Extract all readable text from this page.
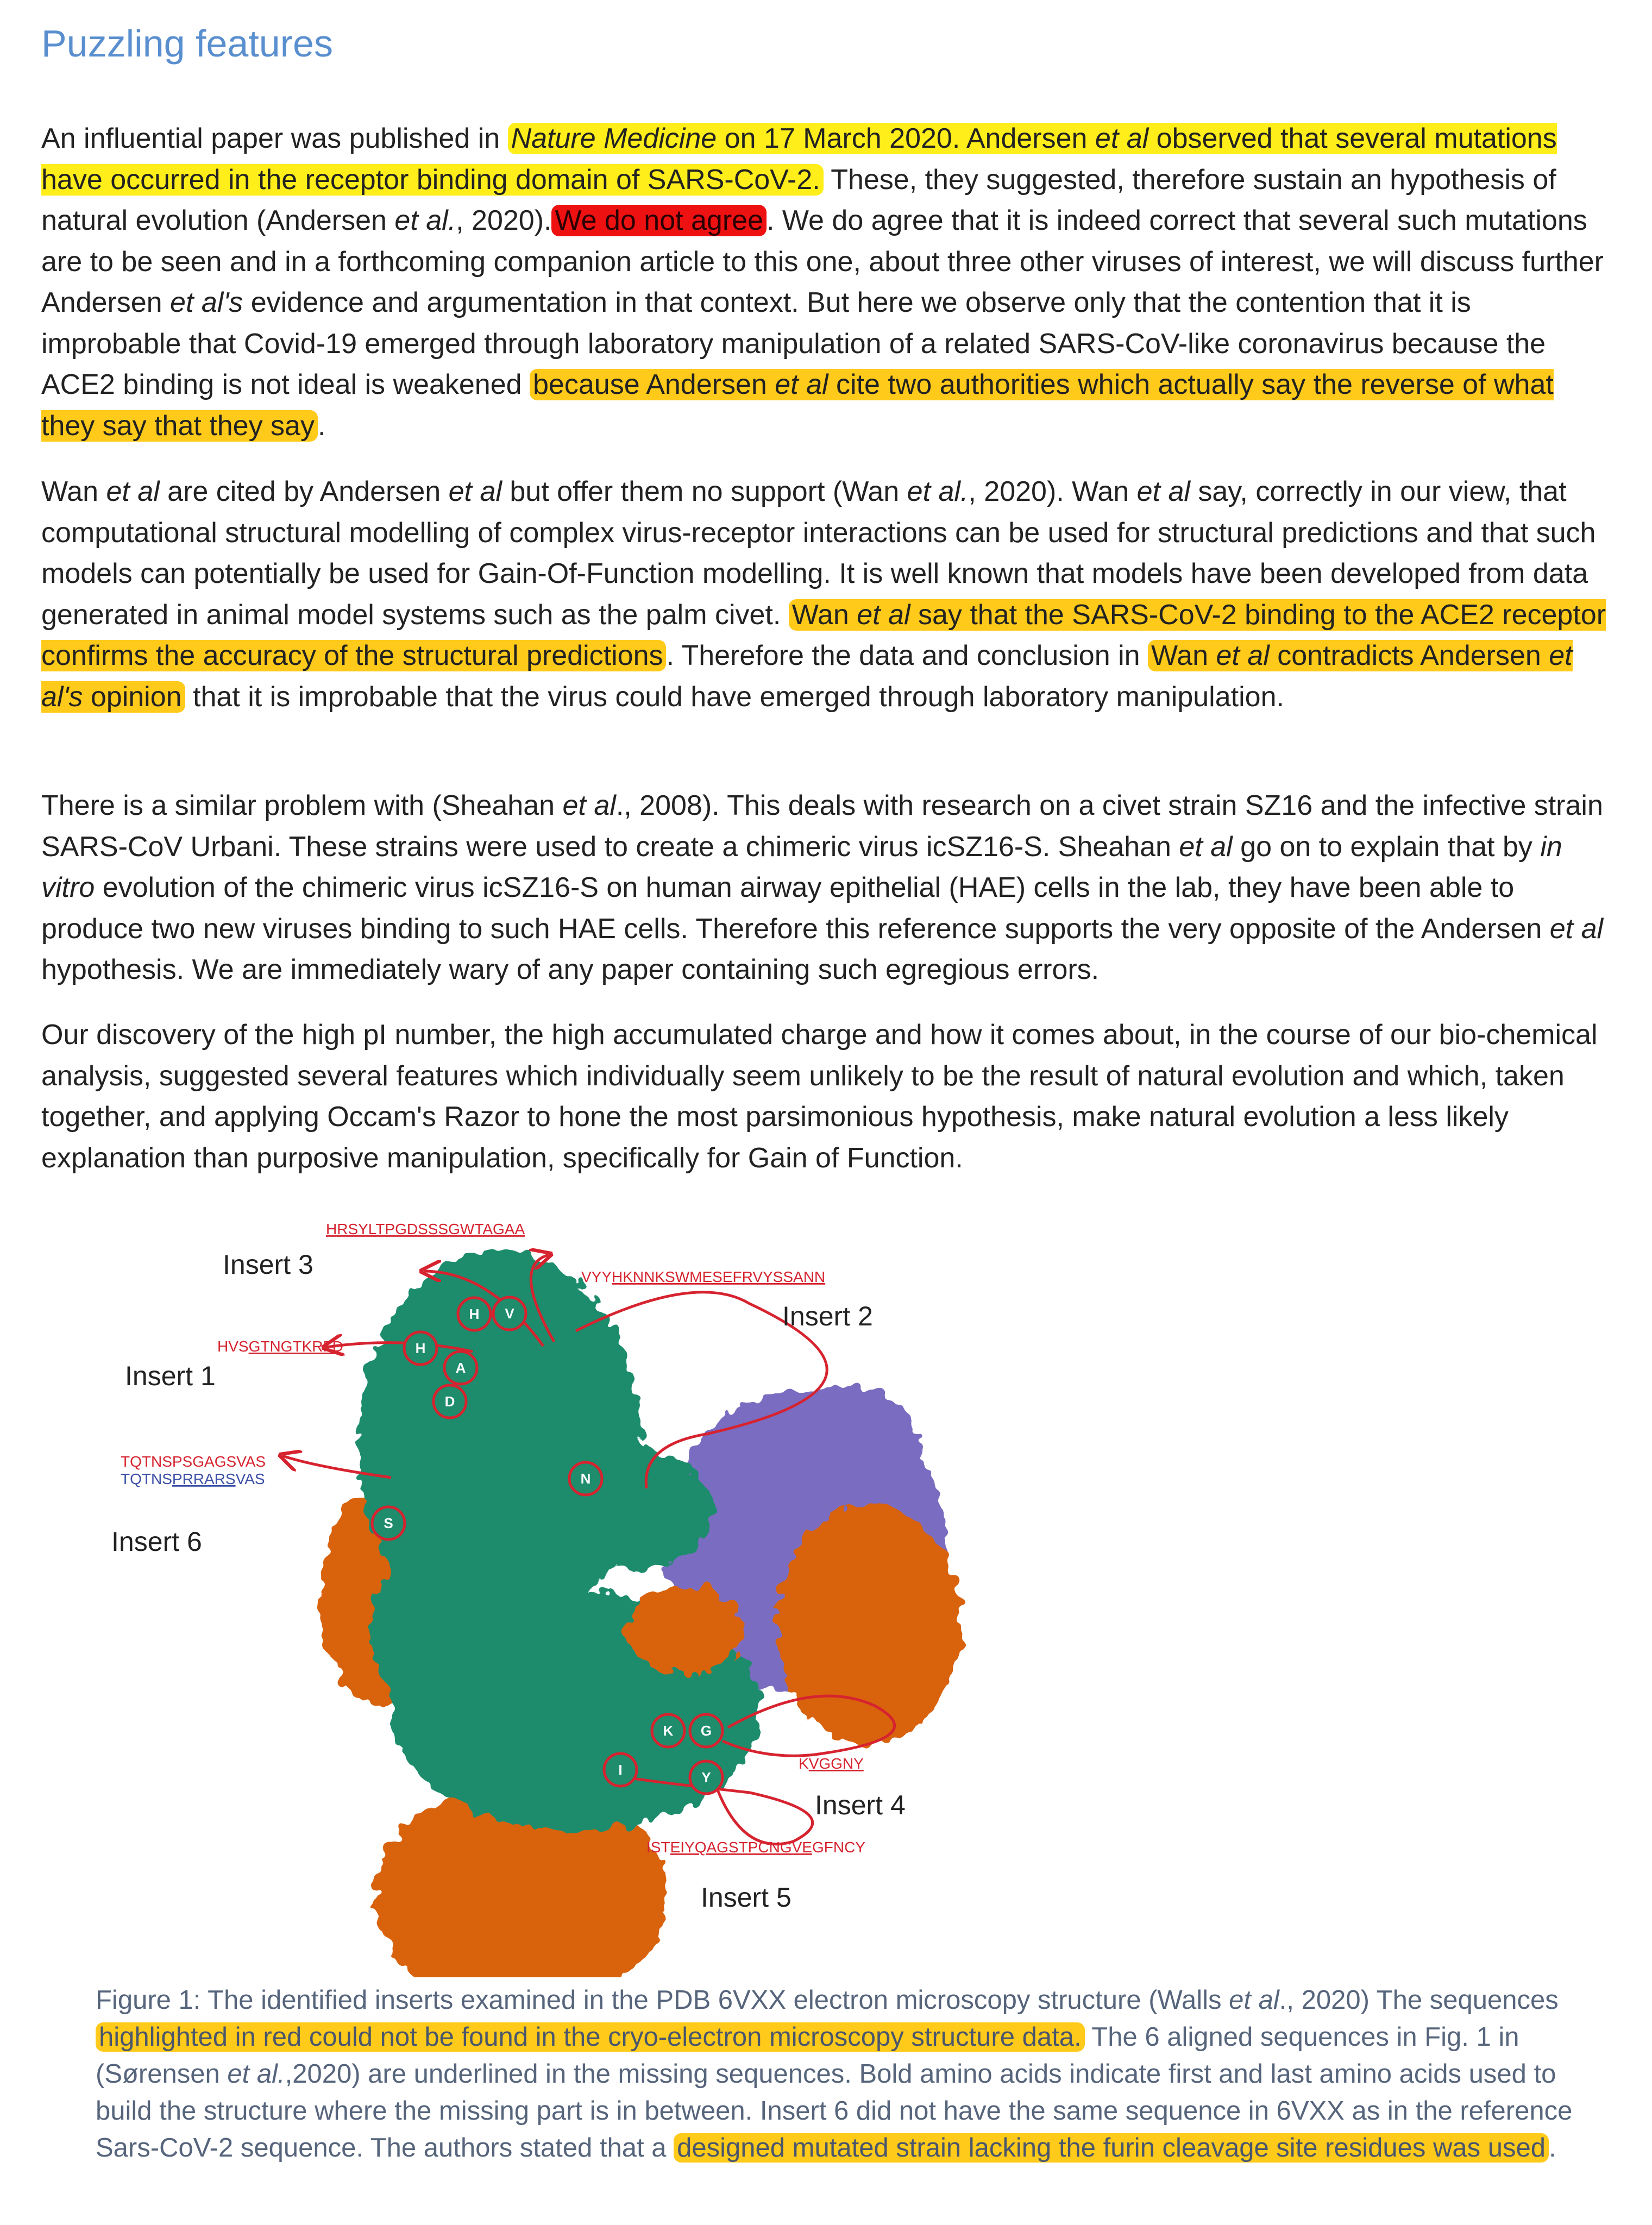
Puzzling features

An influential paper was published in Nature Medicine on 17 March 2020. Andersen et al observed that several mutations have occurred in the receptor binding domain of SARS-CoV-2. These, they suggested, therefore sustain an hypothesis of natural evolution (Andersen et al., 2020). We do not agree . We do agree that it is indeed correct that several such mutations are to be seen and in a forthcoming companion article to this one, about three other viruses of interest, we will discuss further Andersen et al's evidence and argumentation in that context. But here we observe only that the contention that it is improbable that Covid-19 emerged through laboratory manipulation of a related SARS-CoV-like coronavirus because the ACE2 binding is not ideal is weakened because Andersen et al cite two authorities which actually say the reverse of what they say that they say .

Wan et al are cited by Andersen et al but offer them no support (Wan et al., 2020). Wan et al say, correctly in our view, that computational structural modelling of complex virus-receptor interactions can be used for structural predictions and that such models can potentially be used for Gain-Of-Function modelling. It is well known that models have been developed from data generated in animal model systems such as the palm civet. Wan et al say that the SARS-CoV-2 binding to the ACE2 receptor confirms the accuracy of the structural predictions . Therefore the data and conclusion in Wan et al contradicts Andersen et al's opinion that it is improbable that the virus could have emerged through laboratory manipulation.

There is a similar problem with (Sheahan et al., 2008). This deals with research on a civet strain SZ16 and the infective strain SARS-CoV Urbani. These strains were used to create a chimeric virus icSZ16-S. Sheahan et al go on to explain that by in vitro evolution of the chimeric virus icSZ16-S on human airway epithelial (HAE) cells in the lab, they have been able to produce two new viruses binding to such HAE cells. Therefore this reference supports the very opposite of the Andersen et al hypothesis. We are immediately wary of any paper containing such egregious errors.

Our discovery of the high pI number, the high accumulated charge and how it comes about, in the course of our bio-chemical analysis, suggested several features which individually seem unlikely to be the result of natural evolution and which, taken together, and applying Occam's Razor to hone the most parsimonious hypothesis, make natural evolution a less likely explanation than purposive manipulation, specifically for Gain of Function.

H
H V
A
D
N
S
K G
I	Y
Insert 3
Insert 2
Insert 1
Insert 6
Insert 4
Insert 5
HRSYLTPGDSSSGWTAGAA
VYYHKNNKSWMESEFRVYSSANN
HVSGTNGTKRFD
TQTNSPSGAGSVAS
TQTNSPRRARSVAS
KVGGNY
ISTEIYQAGSTPCNGVEGFNCY

Figure 1: The identified inserts examined in the PDB 6VXX electron microscopy structure (Walls et al., 2020) The sequences highlighted in red could not be found in the cryo-electron microscopy structure data. The 6 aligned sequences in Fig. 1 in (Sørensen et al.,2020) are underlined in the missing sequences. Bold amino acids indicate first and last amino acids used to build the structure where the missing part is in between. Insert 6 did not have the same sequence in 6VXX as in the reference Sars-CoV-2 sequence. The authors stated that a designed mutated strain lacking the furin cleavage site residues was used .
